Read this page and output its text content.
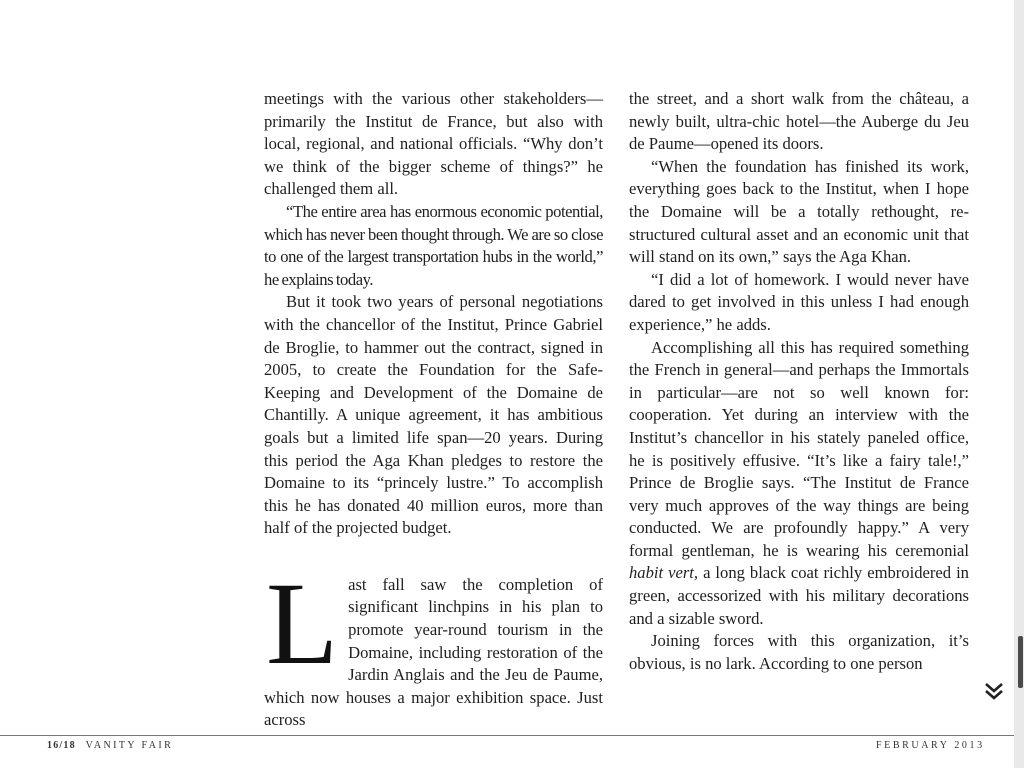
meetings with the various other stakeholders—primarily the Institut de France, but also with local, regional, and national officials. “Why don’t we think of the bigger scheme of things?” he challenged them all.

“The entire area has enormous economic potential, which has never been thought through. We are so close to one of the largest transportation hubs in the world,” he explains today.

But it took two years of personal negotiations with the chancellor of the Institut, Prince Gabriel de Broglie, to hammer out the contract, signed in 2005, to create the Foundation for the Safe-Keeping and Development of the Domaine de Chantilly. A unique agreement, it has ambitious goals but a limited life span—20 years. During this period the Aga Khan pledges to restore the Domaine to its “princely lustre.” To accomplish this he has donated 40 million euros, more than half of the projected budget.

Last fall saw the completion of significant linchpins in his plan to promote year-round tourism in the Domaine, including restoration of the Jardin Anglais and the Jeu de Paume, which now houses a major exhibition space. Just across

the street, and a short walk from the château, a newly built, ultra-chic hotel—the Auberge du Jeu de Paume—opened its doors.

“When the foundation has finished its work, everything goes back to the Institut, when I hope the Domaine will be a totally rethought, re-structured cultural asset and an economic unit that will stand on its own,” says the Aga Khan.

“I did a lot of homework. I would never have dared to get involved in this unless I had enough experience,” he adds.

Accomplishing all this has required something the French in general—and perhaps the Immortals in particular—are not so well known for: cooperation. Yet during an interview with the Institut’s chancellor in his stately paneled office, he is positively effusive. “It’s like a fairy tale!,” Prince de Broglie says. “The Institut de France very much approves of the way things are being conducted. We are profoundly happy.” A very formal gentleman, he is wearing his ceremonial habit vert, a long black coat richly embroidered in green, accessorized with his military decorations and a sizable sword.

Joining forces with this organization, it’s obvious, is no lark. According to one person

16/18 VANITY FAIR	FEBRUARY 2013
